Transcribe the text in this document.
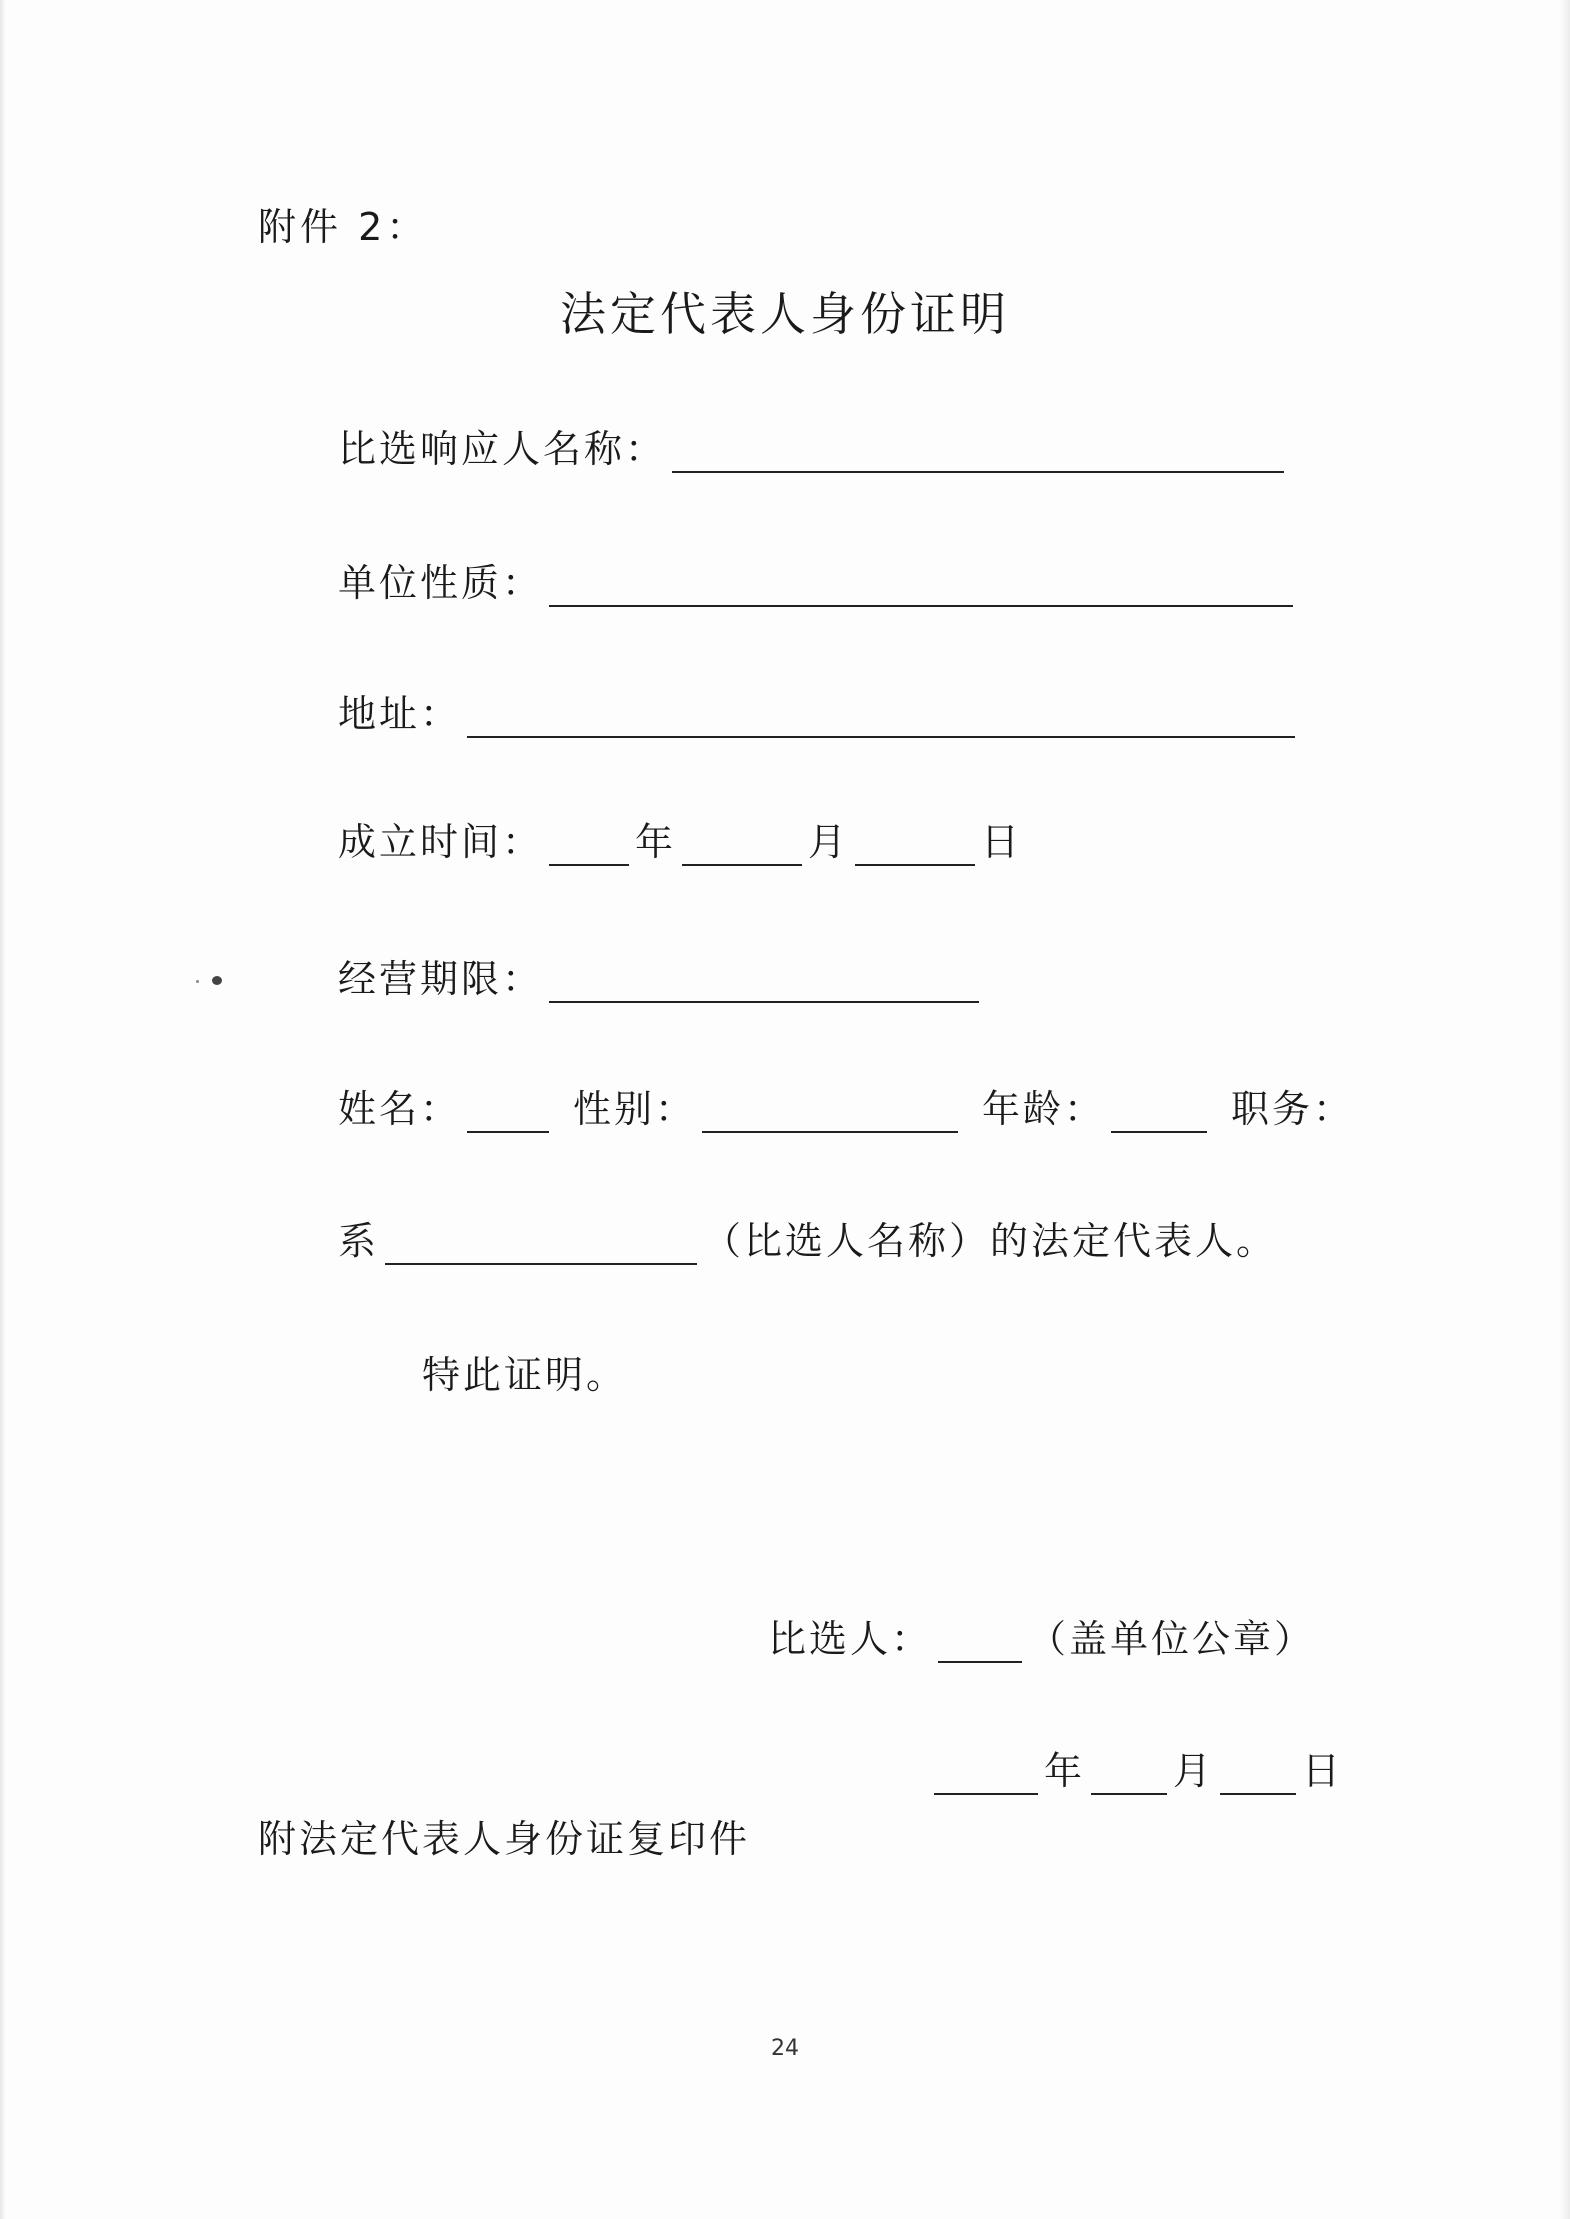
附件 2：
法定代表人身份证明
比选响应人名称：
单位性质：
地址：
成立时间： 年	月	日
经营期限：
姓名：	性别：	年龄：	职务：
系	（比选人名称）的法定代表人。
特此证明。
比选人：	（盖单位公章）
年 月 日
附法定代表人身份证复印件
24
